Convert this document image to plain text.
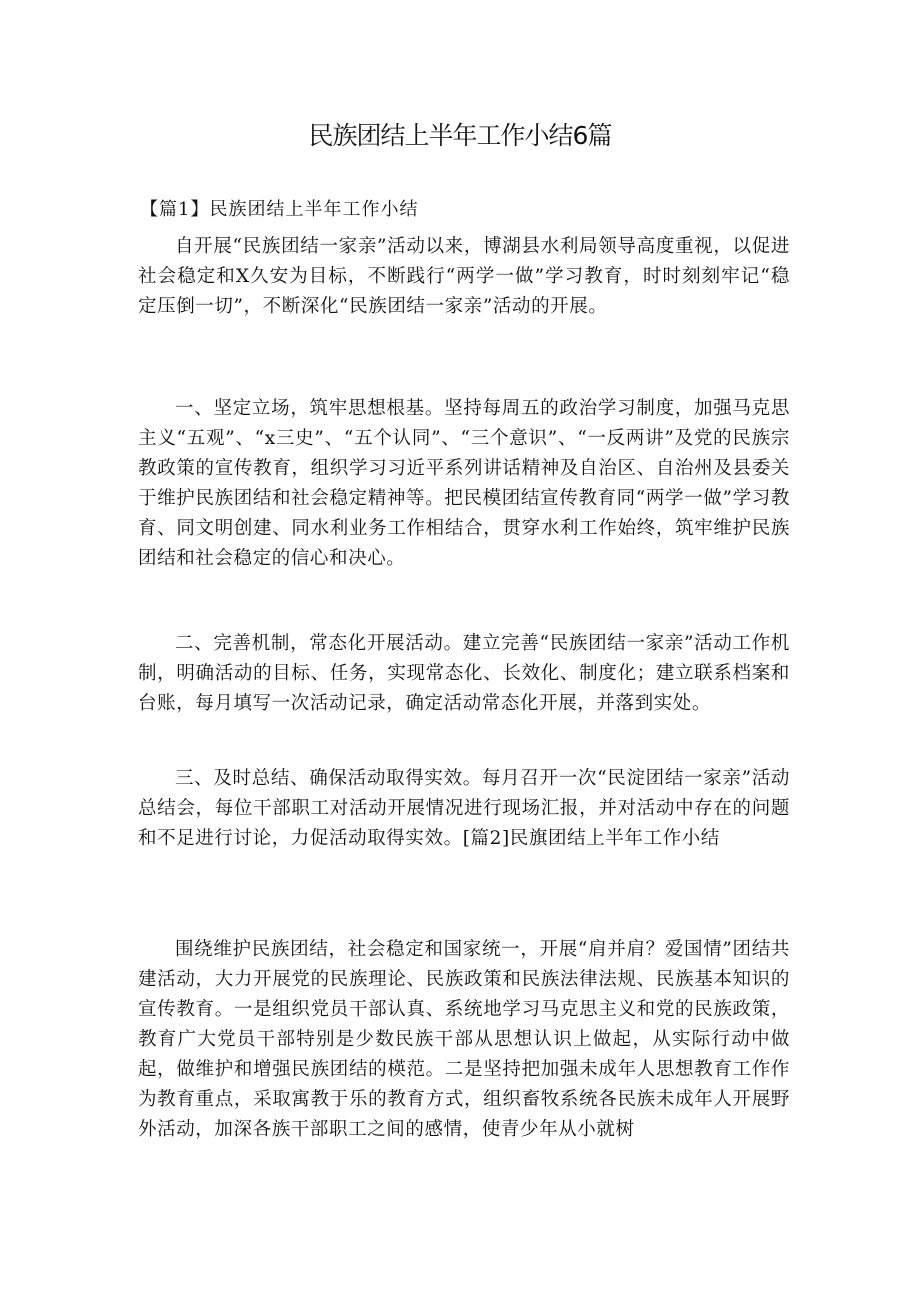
民族团结上半年工作小结6篇
【篇1】民族团结上半年工作小结

自开展“民族团结一家亲”活动以来，博湖县水利局领导高度重视，以促进社会稳定和X久安为目标，不断践行“两学一做”学习教育，时时刻刻牢记“稳定压倒一切”，不断深化“民族团结一家亲”活动的开展。

一、坚定立场，筑牢思想根基。坚持每周五的政治学习制度，加强马克思主义“五观”、“x三史”、“五个认同”、“三个意识”、“一反两讲”及党的民族宗教政策的宣传教育，组织学习习近平系列讲话精神及自治区、自治州及县委关于维护民族团结和社会稳定精神等。把民模团结宣传教育同“两学一做”学习教育、同文明创建、同水利业务工作相结合，贯穿水利工作始终，筑牢维护民族团结和社会稳定的信心和决心。

二、完善机制，常态化开展活动。建立完善“民族团结一家亲”活动工作机制，明确活动的目标、任务，实现常态化、长效化、制度化；建立联系档案和台账，每月填写一次活动记录，确定活动常态化开展，并落到实处。

三、及时总结、确保活动取得实效。每月召开一次“民淀团结一家亲”活动总结会，每位干部职工对活动开展情况进行现场汇报，并对活动中存在的问题和不足进行讨论，力促活动取得实效。[篇2]民旗团结上半年工作小结

围绕维护民族团结，社会稳定和国家统一，开展“肩并肩？爱国情”团结共建活动，大力开展党的民族理论、民族政策和民族法律法规、民族基本知识的宣传教育。一是组织党员干部认真、系统地学习马克思主义和党的民族政策，教育广大党员干部特别是少数民族干部从思想认识上做起，从实际行动中做起，做维护和增强民族团结的楧范。二是坚持把加强未成年人思想教育工作作为教育重点，采取寓教于乐的教育方式，组织畜牧系统各民族未成年人开展野外活动，加深各族干部职工之间的感情，使青少年从小就树
